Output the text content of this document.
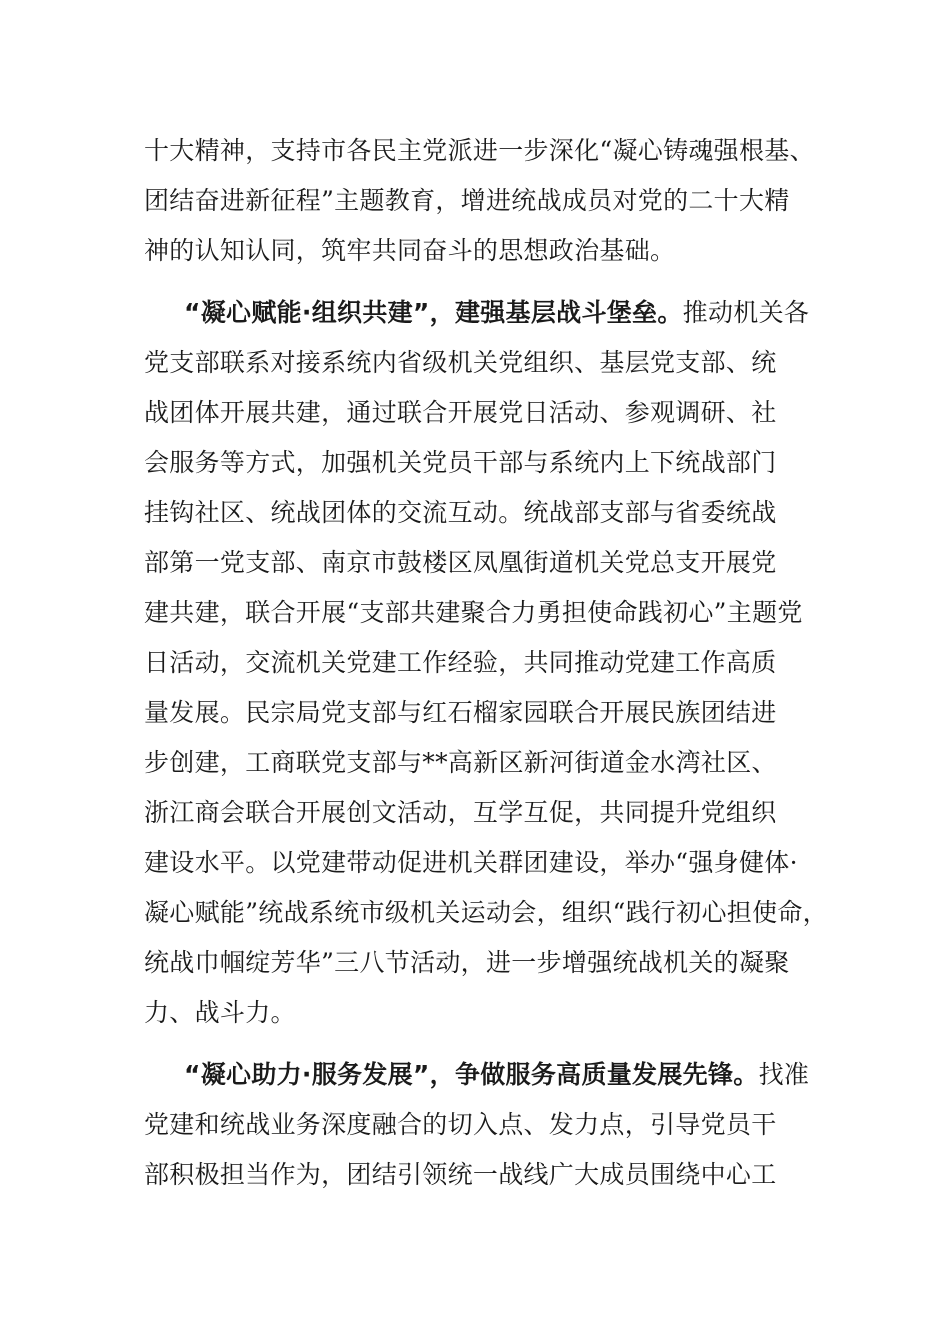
十大精神，支持市各民主党派进一步深化“凝心铸魂强根基、
团结奋进新征程”主题教育，增进统战成员对党的二十大精
神的认知认同，筑牢共同奋斗的思想政治基础。
“凝心赋能·组织共建”，建强基层战斗堡垒。推动机关各
党支部联系对接系统内省级机关党组织、基层党支部、统
战团体开展共建，通过联合开展党日活动、参观调研、社
会服务等方式，加强机关党员干部与系统内上下统战部门
挂钩社区、统战团体的交流互动。统战部支部与省委统战
部第一党支部、南京市鼓楼区凤凰街道机关党总支开展党
建共建，联合开展“支部共建聚合力勇担使命践初心”主题党
日活动，交流机关党建工作经验，共同推动党建工作高质
量发展。民宗局党支部与红石榴家园联合开展民族团结进
步创建，工商联党支部与**高新区新河街道金水湾社区、
浙江商会联合开展创文活动，互学互促，共同提升党组织
建设水平。以党建带动促进机关群团建设，举办“强身健体·
凝心赋能”统战系统市级机关运动会，组织“践行初心担使命，
统战巾帼绽芳华”三八节活动，进一步增强统战机关的凝聚
力、战斗力。
“凝心助力·服务发展”，争做服务高质量发展先锋。找准
党建和统战业务深度融合的切入点、发力点，引导党员干
部积极担当作为，团结引领统一战线广大成员围绕中心工
